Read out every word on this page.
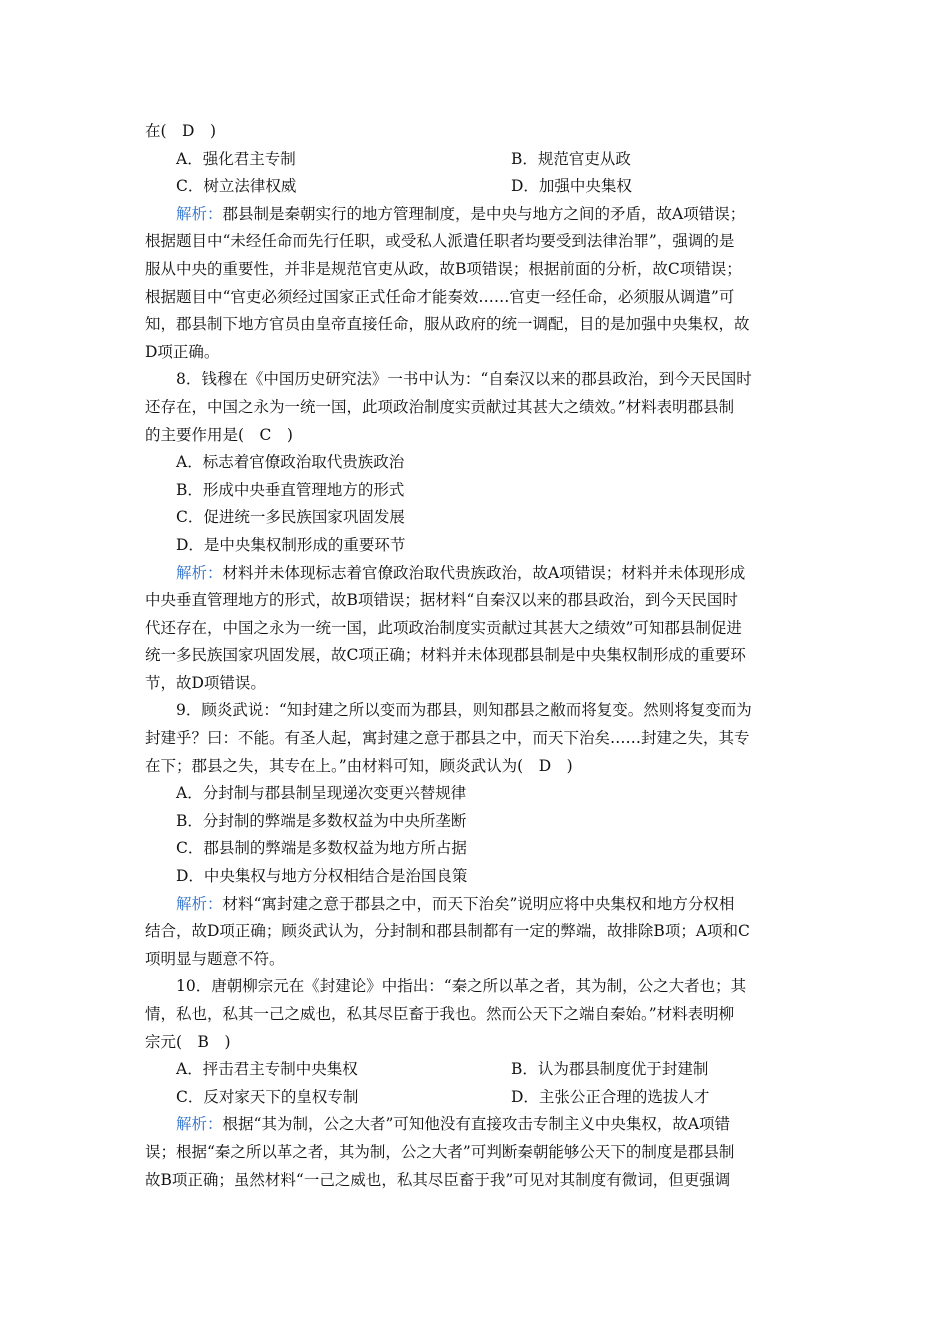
在(　D　)
A．强化君主专制	B．规范官吏从政
C．树立法律权威	D．加强中央集权
解析：郡县制是秦朝实行的地方管理制度，是中央与地方之间的矛盾，故A项错误；
根据题目中“未经任命而先行任职，或受私人派遣任职者均要受到法律治罪”，强调的是
服从中央的重要性，并非是规范官吏从政，故B项错误；根据前面的分析，故C项错误；
根据题目中“官吏必须经过国家正式任命才能奏效……官吏一经任命，必须服从调遣”可
知，郡县制下地方官员由皇帝直接任命，服从政府的统一调配，目的是加强中央集权，故
D项正确。
8．钱穆在《中国历史研究法》一书中认为：“自秦汉以来的郡县政治，到今天民国时
还存在，中国之永为一统一国，此项政治制度实贡献过其甚大之绩效。”材料表明郡县制
的主要作用是(　C　)
A．标志着官僚政治取代贵族政治
B．形成中央垂直管理地方的形式
C．促进统一多民族国家巩固发展
D．是中央集权制形成的重要环节
解析：材料并未体现标志着官僚政治取代贵族政治，故A项错误；材料并未体现形成
中央垂直管理地方的形式，故B项错误；据材料“自秦汉以来的郡县政治，到今天民国时
代还存在，中国之永为一统一国，此项政治制度实贡献过其甚大之绩效”可知郡县制促进
统一多民族国家巩固发展，故C项正确；材料并未体现郡县制是中央集权制形成的重要环
节，故D项错误。
9．顾炎武说：“知封建之所以变而为郡县，则知郡县之敝而将复变。然则将复变而为
封建乎？曰：不能。有圣人起，寓封建之意于郡县之中，而天下治矣……封建之失，其专
在下；郡县之失，其专在上。”由材料可知，顾炎武认为(　D　)
A．分封制与郡县制呈现递次变更兴替规律
B．分封制的弊端是多数权益为中央所垄断
C．郡县制的弊端是多数权益为地方所占据
D．中央集权与地方分权相结合是治国良策
解析：材料“寓封建之意于郡县之中，而天下治矣”说明应将中央集权和地方分权相
结合，故D项正确；顾炎武认为，分封制和郡县制都有一定的弊端，故排除B项；A项和C
项明显与题意不符。
10．唐朝柳宗元在《封建论》中指出：“秦之所以革之者，其为制，公之大者也；其
情，私也，私其一己之威也，私其尽臣畜于我也。然而公天下之端自秦始。”材料表明柳
宗元(　B　)
A．抨击君主专制中央集权	B．认为郡县制度优于封建制
C．反对家天下的皇权专制	D．主张公正合理的选拔人才
解析：根据“其为制，公之大者”可知他没有直接攻击专制主义中央集权，故A项错
误；根据“秦之所以革之者，其为制，公之大者”可判断秦朝能够公天下的制度是郡县制
故B项正确；虽然材料“一己之威也，私其尽臣畜于我”可见对其制度有微词，但更强调
